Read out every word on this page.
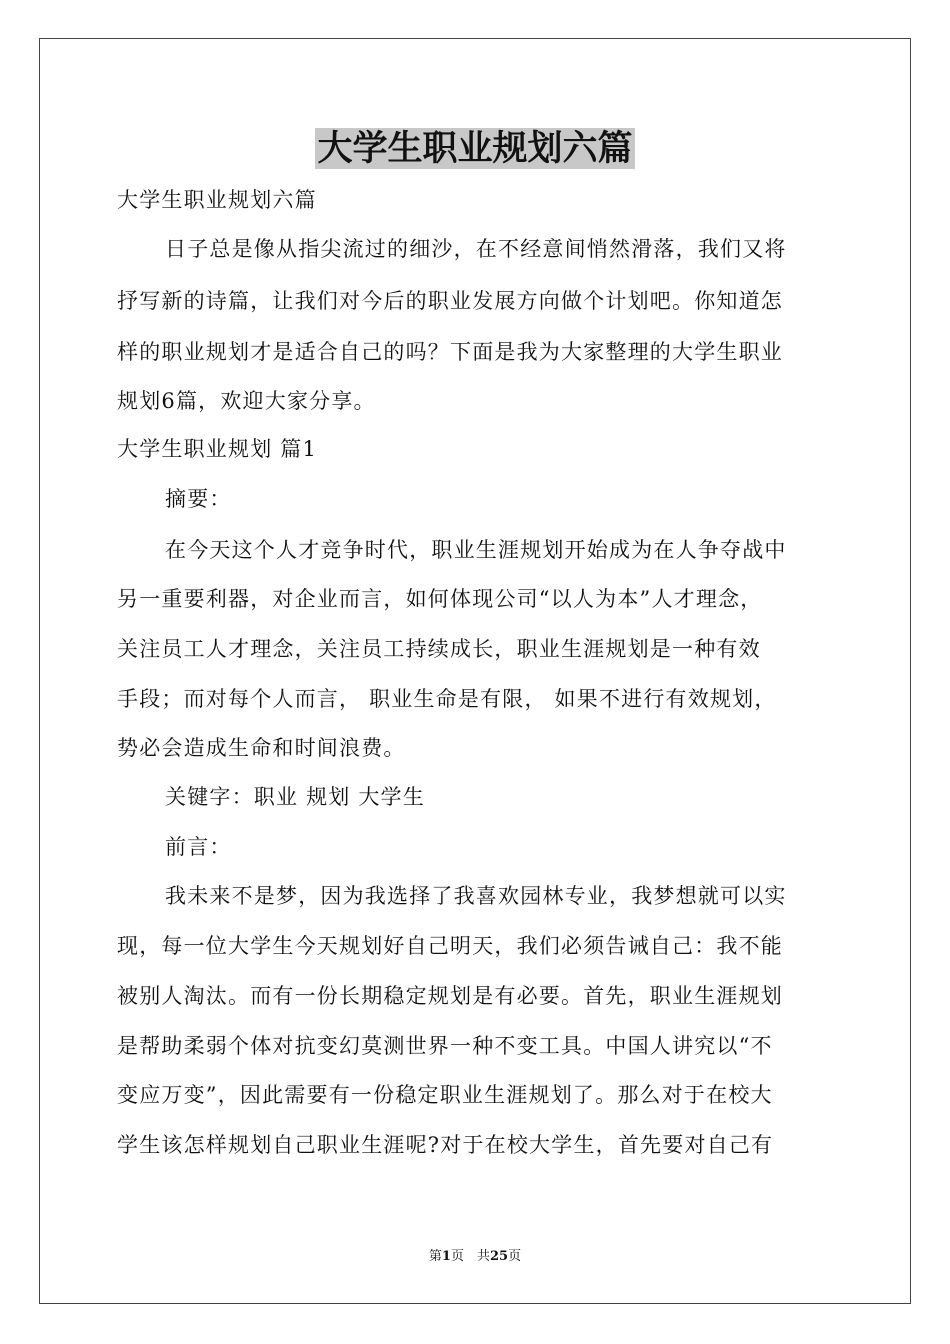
大学生职业规划六篇
大学生职业规划六篇
日子总是像从指尖流过的细沙，在不经意间悄然滑落，我们又将
抒写新的诗篇，让我们对今后的职业发展方向做个计划吧。你知道怎
样的职业规划才是适合自己的吗？下面是我为大家整理的大学生职业
规划6篇，欢迎大家分享。
大学生职业规划 篇1
摘要：
在今天这个人才竞争时代，职业生涯规划开始成为在人争夺战中
另一重要利器，对企业而言，如何体现公司“以人为本”人才理念，
关注员工人才理念，关注员工持续成长，职业生涯规划是一种有效
手段；而对每个人而言， 职业生命是有限， 如果不进行有效规划，
势必会造成生命和时间浪费。
关键字：职业 规划 大学生
前言：
我未来不是梦，因为我选择了我喜欢园林专业，我梦想就可以实
现，每一位大学生今天规划好自己明天，我们必须告诫自己：我不能
被别人淘汰。而有一份长期稳定规划是有必要。首先，职业生涯规划
是帮助柔弱个体对抗变幻莫测世界一种不变工具。中国人讲究以“不
变应万变”，因此需要有一份稳定职业生涯规划了。那么对于在校大
学生该怎样规划自己职业生涯呢?对于在校大学生，首先要对自己有
第1页　共25页
